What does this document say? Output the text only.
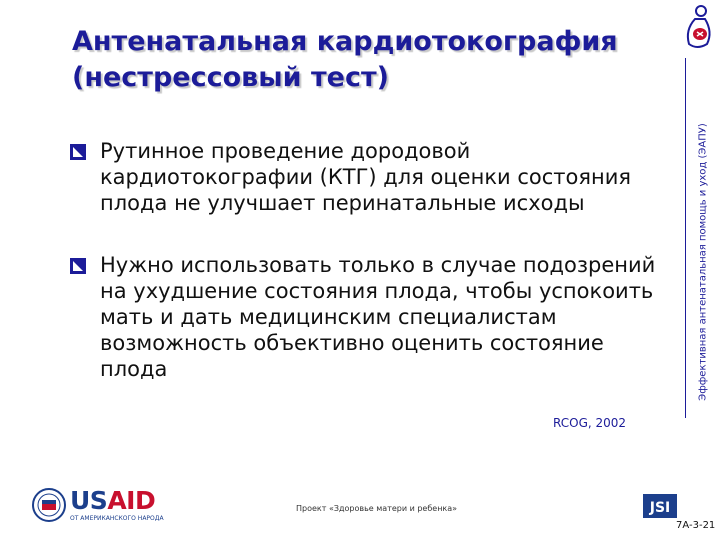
Антенатальная кардиотокография
(нестрессовый тест)
Эффективная антенатальная помощь и уход (ЭАПУ)
Рутинное проведение дородовой кардиотокографии (КТГ) для оценки состояния плода не улучшает перинатальные исходы
Нужно использовать только в случае подозрений на ухудшение состояния плода, чтобы успокоить мать и дать медицинским специалистам возможность объективно оценить состояние плода
RCOG, 2002
USAID
ОТ АМЕРИКАНСКОГО НАРОДА
Проект «Здоровье матери и ребенка»	JSI
7A-3-21
